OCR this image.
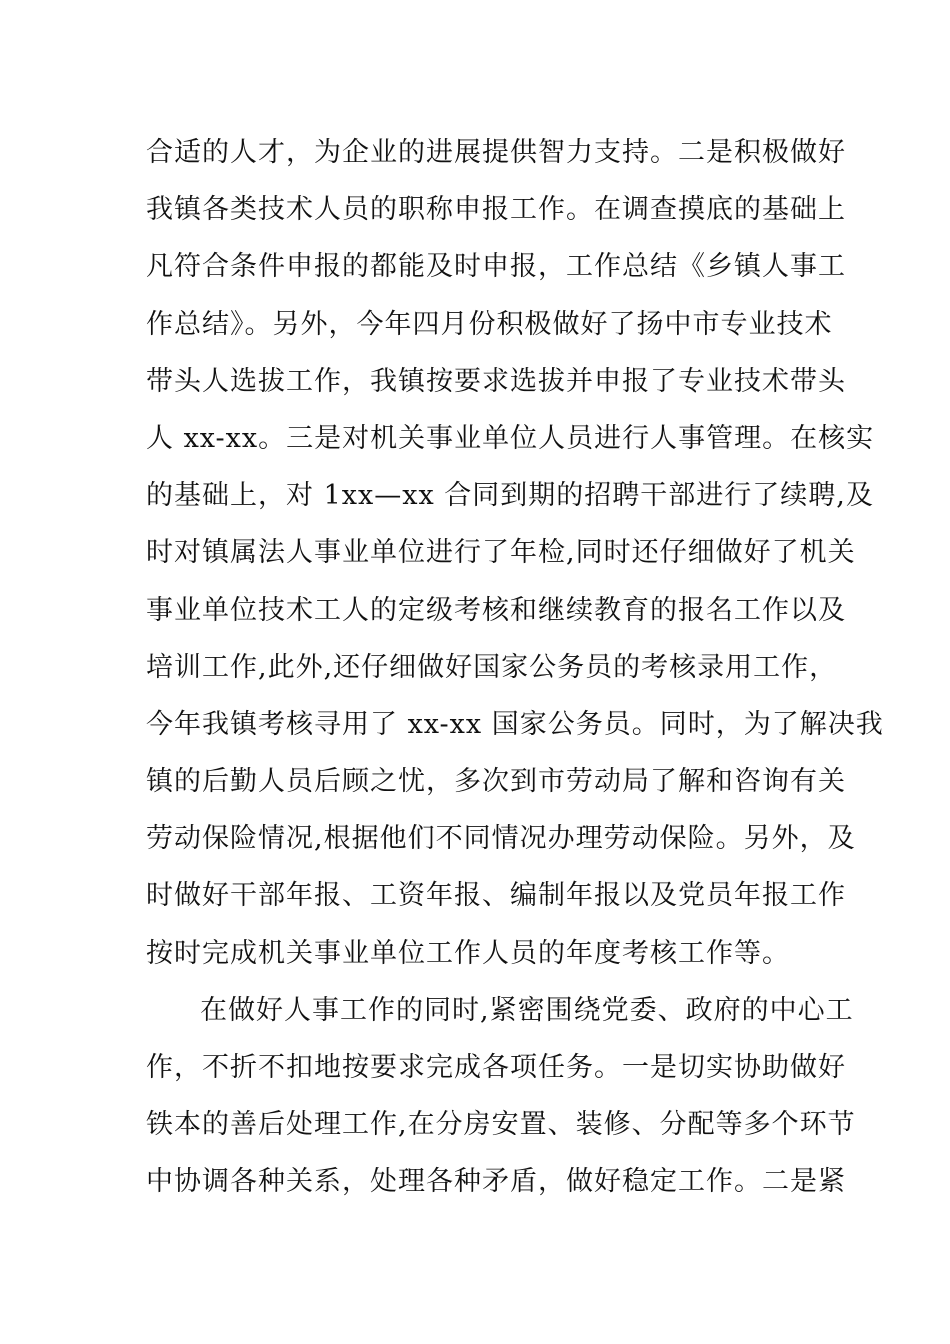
合适的人才，为企业的进展提供智力支持。二是积极做好
我镇各类技术人员的职称申报工作。在调查摸底的基础上
凡符合条件申报的都能及时申报，工作总结《乡镇人事工
作总结》。另外，今年四月份积极做好了扬中市专业技术
带头人选拔工作，我镇按要求选拔并申报了专业技术带头
人 xx-xx。三是对机关事业单位人员进行人事管理。在核实
的基础上，对 1xx—xx 合同到期的招聘干部进行了续聘,及
时对镇属法人事业单位进行了年检,同时还仔细做好了机关
事业单位技术工人的定级考核和继续教育的报名工作以及
培训工作,此外,还仔细做好国家公务员的考核录用工作，
今年我镇考核寻用了 xx-xx 国家公务员。同时，为了解决我
镇的后勤人员后顾之忧，多次到市劳动局了解和咨询有关
劳动保险情况,根据他们不同情况办理劳动保险。另外，及
时做好干部年报、工资年报、编制年报以及党员年报工作
按时完成机关事业单位工作人员的年度考核工作等。
在做好人事工作的同时,紧密围绕党委、政府的中心工
作，不折不扣地按要求完成各项任务。一是切实协助做好
铁本的善后处理工作,在分房安置、装修、分配等多个环节
中协调各种关系，处理各种矛盾，做好稳定工作。二是紧
